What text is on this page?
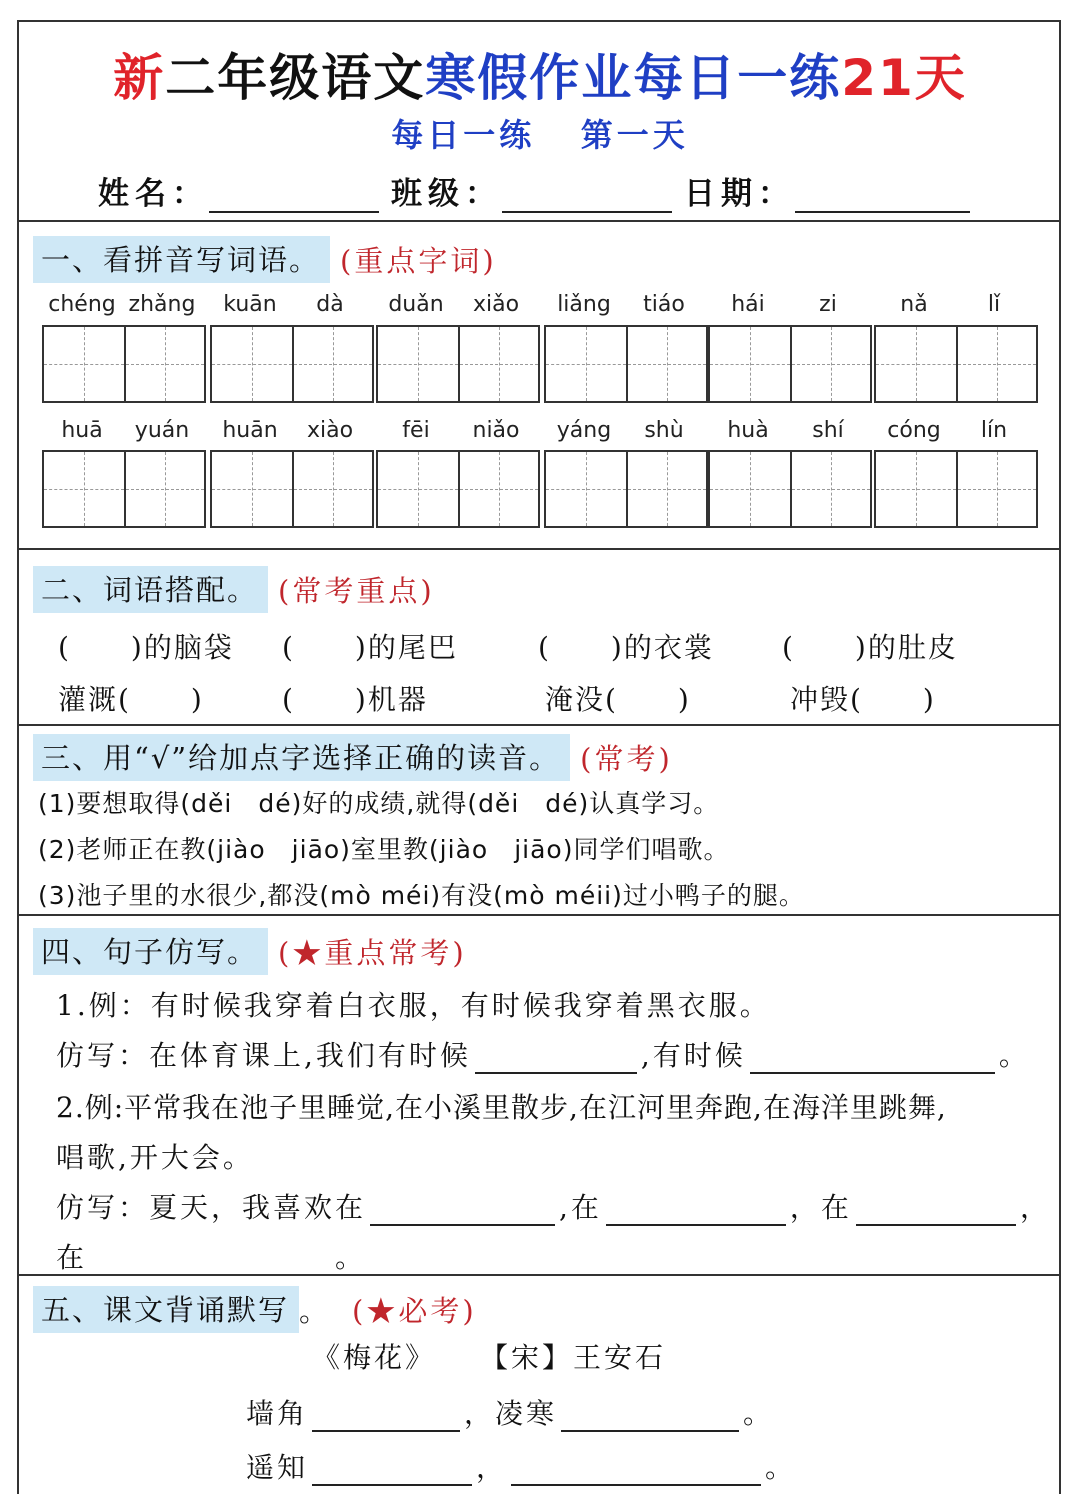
新二年级语文寒假作业每日一练21天
每日一练   第一天
姓名：	班级：	日期：
一、看拼音写词语。 (重点字词)
chéng zhǎng	kuān	dà	duǎn	xiǎo	liǎng	tiáo	hái	zi	nǎ	lǐ
huā	yuán	huān	xiào	fēi	niǎo	yáng	shù	huà	shí	cóng	lín
二、词语搭配。 (常考重点)
(　　)的脑袋 (　　)的尾巴	(　　)的衣裳 (　　)的肚皮
灌溉(　　)	(　　)机器	淹没(　　)	冲毁(　　)
三、用“√”给加点字选择正确的读音。 (常考)
(1)要想取得(děi　dé)好的成绩,就得(děi　dé)认真学习。
(2)老师正在教(jiào　jiāo)室里教(jiào　jiāo)同学们唱歌。
(3)池子里的水很少,都没(mò méi)有没(mò méii)过小鸭子的腿。
四、句子仿写。 (★重点常考)
1.例：有时候我穿着白衣服，有时候我穿着黑衣服。
仿写：在体育课上,我们有时候	,有时候	。
2.例:平常我在池子里睡觉,在小溪里散步,在江河里奔跑,在海洋里跳舞,
唱歌,开大会。
仿写：夏天，我喜欢在	,在	，在	，
在	。
五、课文背诵默写 。 (★必考)
《梅花》 【宋】王安石
墙角	，凌寒	。
遥知	，	。
